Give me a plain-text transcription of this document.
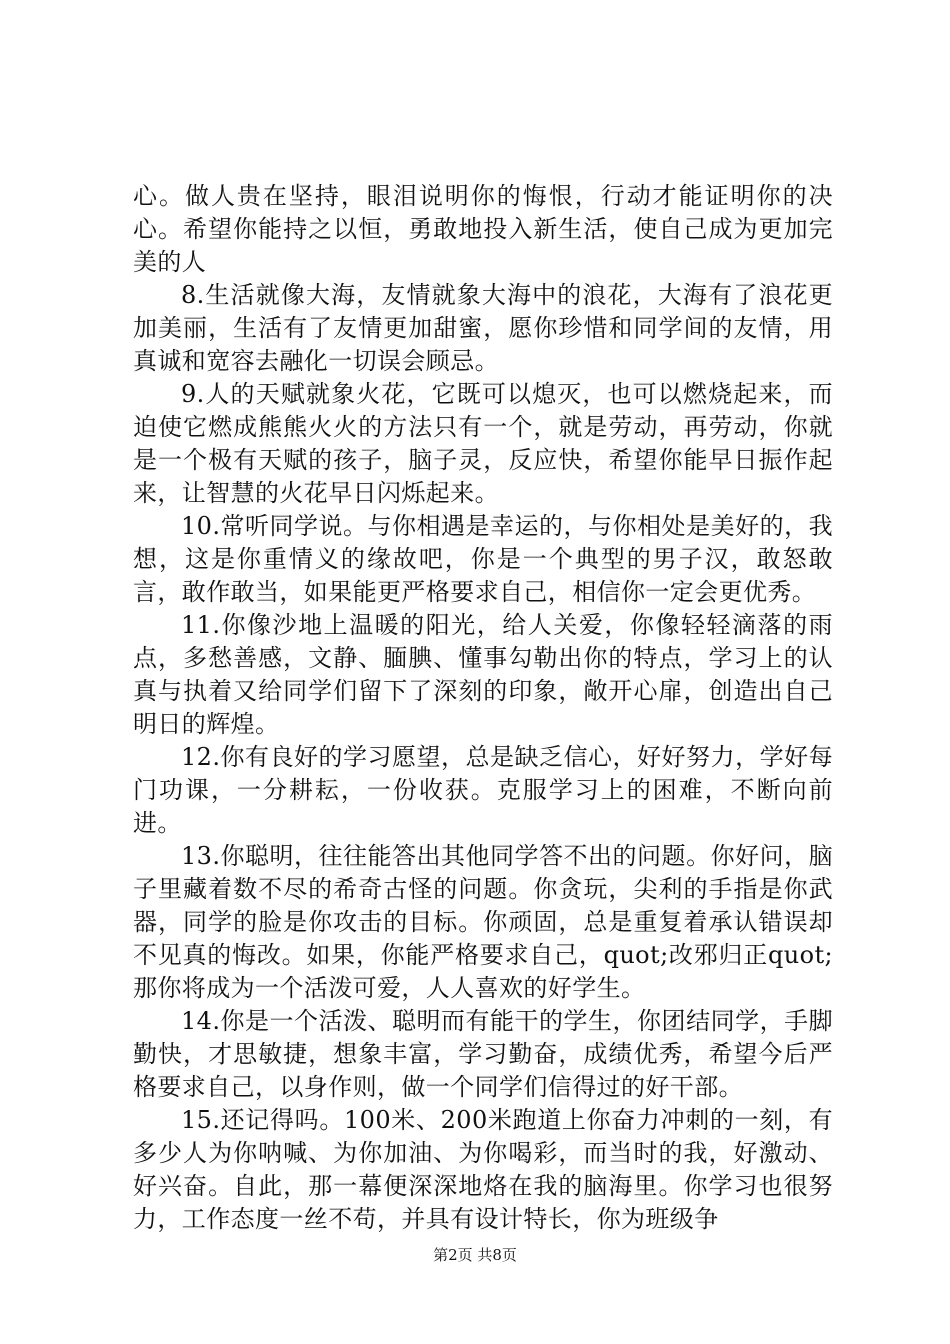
心。做人贵在坚持，眼泪说明你的悔恨，行动才能证明你的决心。希望你能持之以恒，勇敢地投入新生活，使自己成为更加完美的人

8.生活就像大海，友情就象大海中的浪花，大海有了浪花更加美丽，生活有了友情更加甜蜜，愿你珍惜和同学间的友情，用真诚和宽容去融化一切误会顾忌。

9.人的天赋就象火花，它既可以熄灭，也可以燃烧起来，而迫使它燃成熊熊火火的方法只有一个，就是劳动，再劳动，你就是一个极有天赋的孩子，脑子灵，反应快，希望你能早日振作起来，让智慧的火花早日闪烁起来。

10.常听同学说。与你相遇是幸运的，与你相处是美好的，我想，这是你重情义的缘故吧，你是一个典型的男子汉，敢怒敢言，敢作敢当，如果能更严格要求自己，相信你一定会更优秀。

11.你像沙地上温暖的阳光，给人关爱，你像轻轻滴落的雨点，多愁善感，文静、腼腆、懂事勾勒出你的特点，学习上的认真与执着又给同学们留下了深刻的印象，敞开心扉，创造出自己明日的辉煌。

12.你有良好的学习愿望，总是缺乏信心，好好努力，学好每门功课，一分耕耘，一份收获。克服学习上的困难，不断向前进。

13.你聪明，往往能答出其他同学答不出的问题。你好问，脑子里藏着数不尽的希奇古怪的问题。你贪玩，尖利的手指是你武器，同学的脸是你攻击的目标。你顽固，总是重复着承认错误却不见真的悔改。如果，你能严格要求自己，quot;改邪归正quot;那你将成为一个活泼可爱，人人喜欢的好学生。

14.你是一个活泼、聪明而有能干的学生，你团结同学，手脚勤快，才思敏捷，想象丰富，学习勤奋，成绩优秀，希望今后严格要求自己，以身作则，做一个同学们信得过的好干部。

15.还记得吗。100米、200米跑道上你奋力冲刺的一刻，有多少人为你呐喊、为你加油、为你喝彩，而当时的我，好激动、好兴奋。自此，那一幕便深深地烙在我的脑海里。你学习也很努力，工作态度一丝不苟，并具有设计特长，你为班级争

第2页 共8页
